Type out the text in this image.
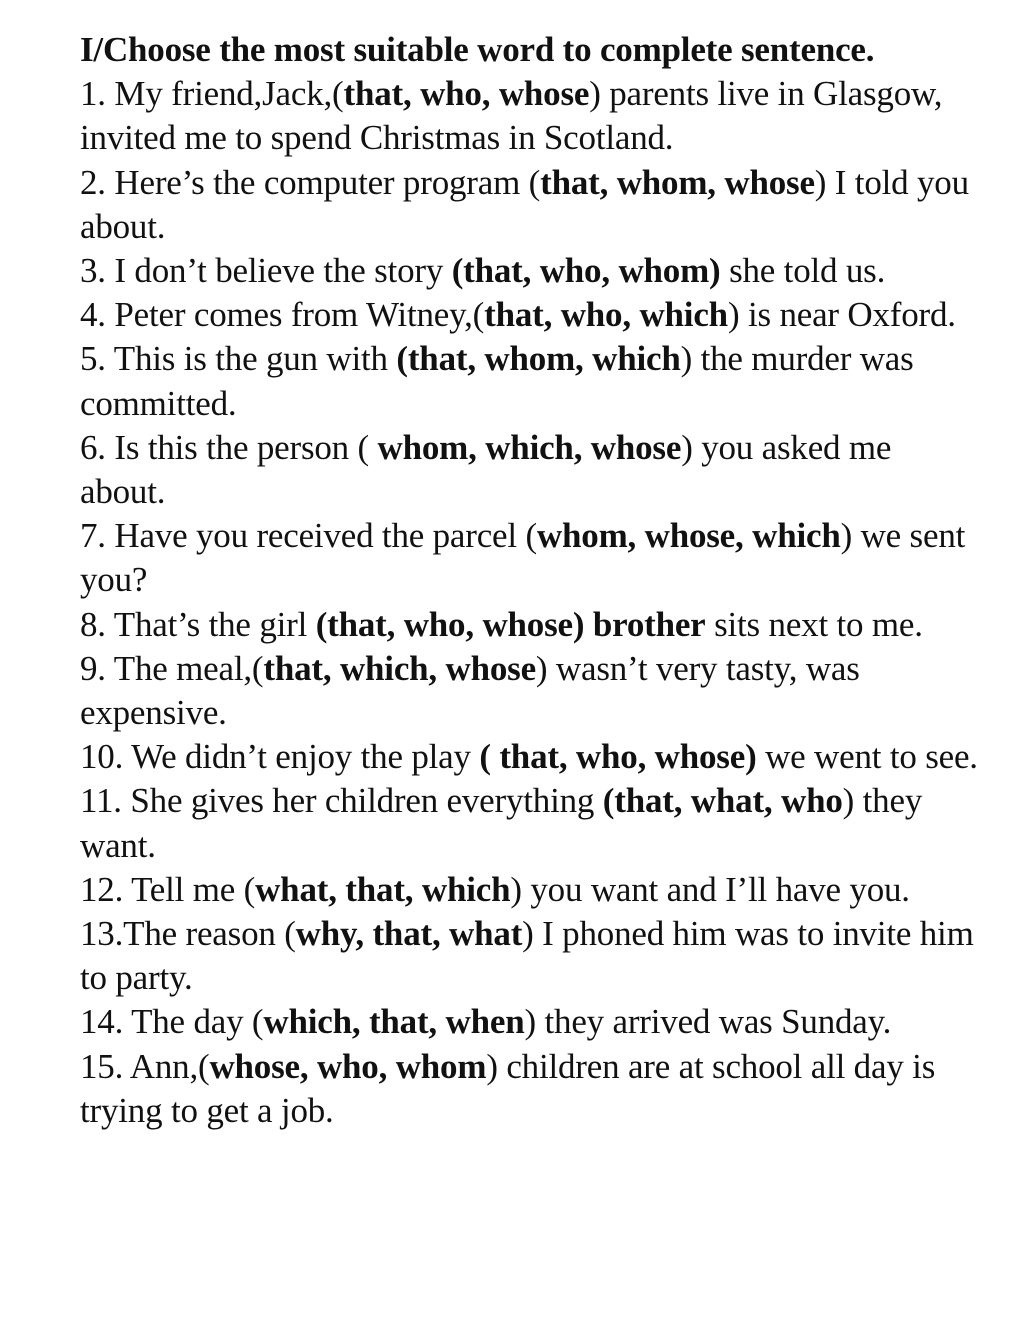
I/Choose the most suitable word to complete sentence.

1. My friend,Jack,(that, who, whose) parents live in Glasgow, invited me to spend Christmas in Scotland.

2. Here’s the computer program (that, whom, whose) I told you about.

3. I don’t believe the story (that, who, whom) she told us.

4. Peter comes from Witney,(that, who, which) is near Oxford.

5. This is the gun with (that, whom, which) the murder was committed.

6. Is this the person ( whom, which, whose) you asked me about.

7. Have you received the parcel (whom, whose, which) we sent you?

8. That’s the girl (that, who, whose) brother sits next to me.

9. The meal,(that, which, whose) wasn’t very tasty, was expensive.

10. We didn’t enjoy the play ( that, who, whose) we went to see.

11. She gives her children everything (that, what, who) they want.

12. Tell me (what, that, which) you want and I’ll have you.

13.The reason (why, that, what) I phoned him was to invite him to party.

14. The day (which, that, when) they arrived was Sunday.

15. Ann,(whose, who, whom) children are at school all day is trying to get a job.
